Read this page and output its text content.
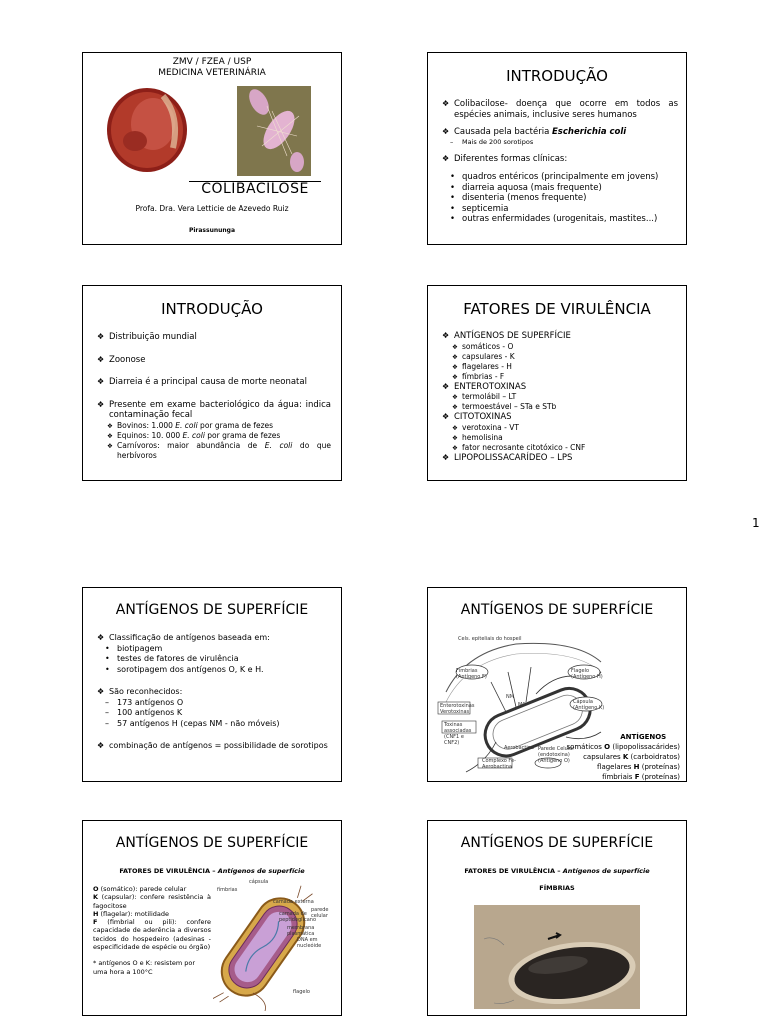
ZMV / FZEA / USP
MEDICINA VETERINÁRIA
COLIBACILOSE
Profa. Dra. Vera Letticie de Azevedo Ruiz
Pirassununga
INTRODUÇÃO
❖ Colibacilose- doença que ocorre em todos as espécies animais, inclusive seres humanos
❖ Causada pela bactéria Escherichia coli
– Mais de 200 sorotipos
❖ Diferentes formas clínicas:
• quadros entéricos (principalmente em jovens)
• diarreia aquosa (mais frequente)
• disenteria (menos frequente)
• septicemia
• outras enfermidades (urogenitais, mastites...)
INTRODUÇÃO
❖ Distribuição mundial
❖ Zoonose
❖ Diarreia é a principal causa de morte neonatal
❖ Presente em exame bacteriológico da água: indica contaminação fecal
❖ Bovinos: 1.000 E. coli por grama de fezes
❖ Equinos: 10. 000 E. coli por grama de fezes
❖ Carnívoros: maior abundância de E. coli do que herbívoros
FATORES DE VIRULÊNCIA
❖ ANTÍGENOS DE SUPERFÍCIE
❖ somáticos - O
❖ capsulares - K
❖ flagelares - H
❖ fímbrias - F
❖ ENTEROTOXINAS
❖ termolábil – LT
❖ termoestável – STa e STb
❖ CITOTOXINAS
❖ verotoxina - VT
❖ hemolisina
❖ fator necrosante citotóxico - CNF
❖ LIPOPOLISSACARÍDEO – LPS
1
ANTÍGENOS DE SUPERFÍCIE
❖ Classificação de antígenos baseada em:
• biotipagem
• testes de fatores de virulência
• sorotipagem dos antígenos O, K e H.
❖ São reconhecidos:
– 173 antígenos O
– 100 antígenos K
– 57 antígenos H (cepas NM - não móveis)
❖ combinação de antígenos = possibilidade de sorotipos
ANTÍGENOS DE SUPERFÍCIE
Cels. epiteliais do hospeil
Fímbrias (Antígeno F)
Flagelo (Antígeno H)
Cápsula (Antígeno K)
Enterotoxinas Verotoxinas
Toxinas associadas (CNF1 e CNF2)
NM
MC
Aerobactina Parede Celular (endotoxina) (Antígeno O)
Complexo Fe-Aerobactina
ANTÍGENOS
somáticos O (lipopolissacárides)
capsulares K (carboidratos)
flagelares H (proteínas)
fímbriais F (proteínas)
ANTÍGENOS DE SUPERFÍCIE
FATORES DE VIRULÊNCIA – Antígenos de superfície
O (somático): parede celular
K (capsular): confere resistência à fagocitose
H (flagelar): motilidade
F (fimbrial ou pili): confere capacidade de aderência a diversos tecidos do hospedeiro (adesinas - especificidade de espécie ou órgão)
* antígenos O e K: resistem por uma hora a 100°C
fímbrias
cápsula
camada externa
camada de peptidoglicano
membrana plasmática
parede celular
DNA em nucleóide
flagelo
ANTÍGENOS DE SUPERFÍCIE
FATORES DE VIRULÊNCIA – Antígenos de superfície
FÍMBRIAS
